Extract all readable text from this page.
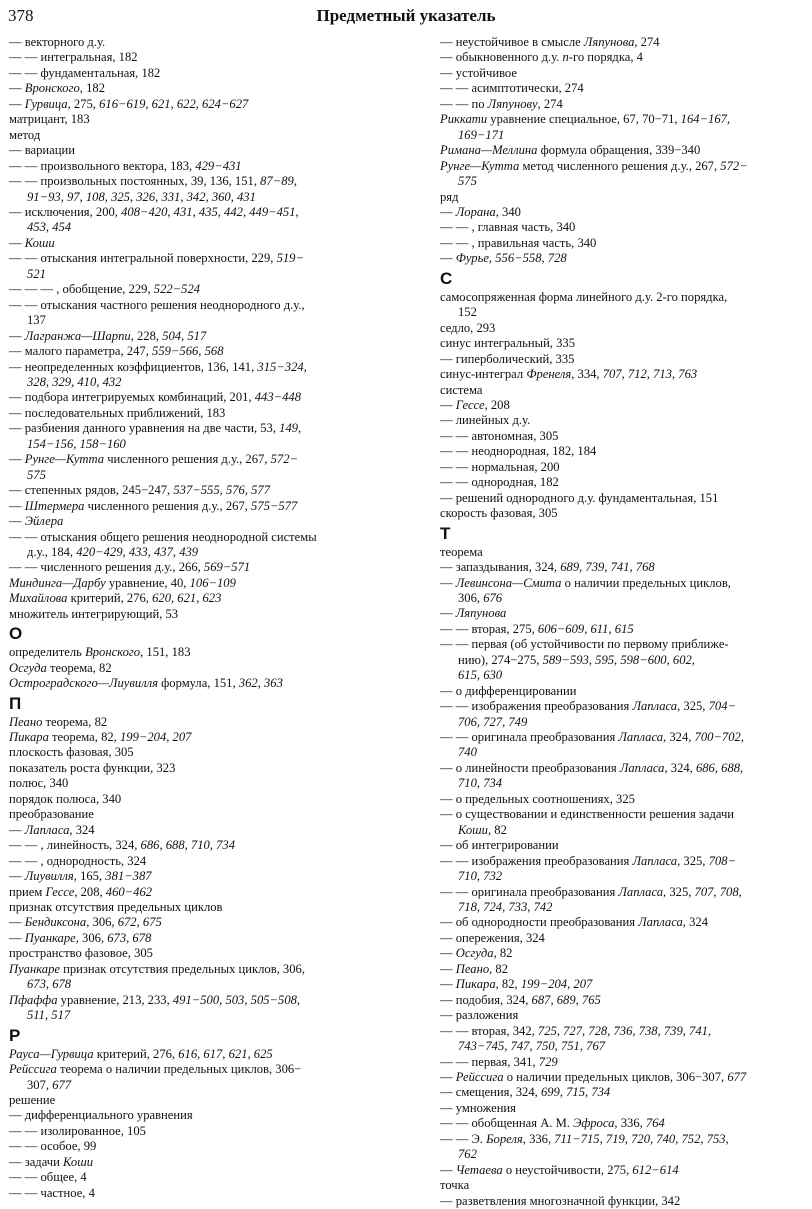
378	Предметный указатель
— векторного д.у.
— — интегральная, 182
— — фундаментальная, 182
— Вронского, 182
— Гурвица, 275, 616−619, 621, 622, 624−627
матрицант, 183
метод
— вариации
— — произвольного вектора, 183, 429−431
— — произвольных постоянных, 39, 136, 151, 87−89,
91−93, 97, 108, 325, 326, 331, 342, 360, 431
— исключения, 200, 408−420, 431, 435, 442, 449−451,
453, 454
— Коши
— — отыскания интегральной поверхности, 229, 519−
521
— — — , обобщение, 229, 522−524
— — отыскания частного решения неоднородного д.у.,
137
— Лагранжа—Шарпи, 228, 504, 517
— малого параметра, 247, 559−566, 568
— неопределенных коэффициентов, 136, 141, 315−324,
328, 329, 410, 432
— подбора интегрируемых комбинаций, 201, 443−448
— последовательных приближений, 183
— разбиения данного уравнения на две части, 53, 149,
154−156, 158−160
— Рунге—Кутта численного решения д.у., 267, 572−
575
— степенных рядов, 245−247, 537−555, 576, 577
— Штермера численного решения д.у., 267, 575−577
— Эйлера
— — отыскания общего решения неоднородной системы
д.у., 184, 420−429, 433, 437, 439
— — численного решения д.у., 266, 569−571
Миндинга—Дарбу уравнение, 40, 106−109
Михайлова критерий, 276, 620, 621, 623
множитель интегрирующий, 53
О
определитель Вронского, 151, 183
Осгуда теорема, 82
Остроградского—Лиувилля формула, 151, 362, 363
П
Пеано теорема, 82
Пикара теорема, 82, 199−204, 207
плоскость фазовая, 305
показатель роста функции, 323
полюс, 340
порядок полюса, 340
преобразование
— Лапласа, 324
— — , линейность, 324, 686, 688, 710, 734
— — , однородность, 324
— Лиувилля, 165, 381−387
прием Гессе, 208, 460−462
признак отсутствия предельных циклов
— Бендиксона, 306, 672, 675
— Пуанкаре, 306, 673, 678
пространство фазовое, 305
Пуанкаре признак отсутствия предельных циклов, 306,
673, 678
Пфаффа уравнение, 213, 233, 491−500, 503, 505−508,
511, 517
Р
Рауса—Гурвица критерий, 276, 616, 617, 621, 625
Рейссига теорема о наличии предельных циклов, 306−
307, 677
решение
— дифференциального уравнения
— — изолированное, 105
— — особое, 99
— задачи Коши
— — общее, 4
— — частное, 4
— неустойчивое в смысле Ляпунова, 274
— обыкновенного д.у. n-го порядка, 4
— устойчивое
— — асимптотически, 274
— — по Ляпунову, 274
Риккати уравнение специальное, 67, 70−71, 164−167,
169−171
Римана—Меллина формула обращения, 339−340
Рунге—Кутта метод численного решения д.у., 267, 572−
575
ряд
— Лорана, 340
— — , главная часть, 340
— — , правильная часть, 340
— Фурье, 556−558, 728
С
самосопряженная форма линейного д.у. 2-го порядка,
152
седло, 293
синус интегральный, 335
— гиперболический, 335
синус-интеграл Френеля, 334, 707, 712, 713, 763
система
— Гессе, 208
— линейных д.у.
— — автономная, 305
— — неоднородная, 182, 184
— — нормальная, 200
— — однородная, 182
— решений однородного д.у. фундаментальная, 151
скорость фазовая, 305
Т
теорема
— запаздывания, 324, 689, 739, 741, 768
— Левинсона—Смита о наличии предельных циклов,
306, 676
— Ляпунова
— — вторая, 275, 606−609, 611, 615
— — первая (об устойчивости по первому приближе-
нию), 274−275, 589−593, 595, 598−600, 602,
615, 630
— о дифференцировании
— — изображения преобразования Лапласа, 325, 704−
706, 727, 749
— — оригинала преобразования Лапласа, 324, 700−702,
740
— о линейности преобразования Лапласа, 324, 686, 688,
710, 734
— о предельных соотношениях, 325
— о существовании и единственности решения задачи
Коши, 82
— об интегрировании
— — изображения преобразования Лапласа, 325, 708−
710, 732
— — оригинала преобразования Лапласа, 325, 707, 708,
718, 724, 733, 742
— об однородности преобразования Лапласа, 324
— опережения, 324
— Осгуда, 82
— Пеано, 82
— Пикара, 82, 199−204, 207
— подобия, 324, 687, 689, 765
— разложения
— — вторая, 342, 725, 727, 728, 736, 738, 739, 741,
743−745, 747, 750, 751, 767
— — первая, 341, 729
— Рейссига о наличии предельных циклов, 306−307, 677
— смещения, 324, 699, 715, 734
— умножения
— — обобщенная А. М. Эфроса, 336, 764
— — Э. Бореля, 336, 711−715, 719, 720, 740, 752, 753,
762
— Четаева о неустойчивости, 275, 612−614
точка
— разветвления многозначной функции, 342
